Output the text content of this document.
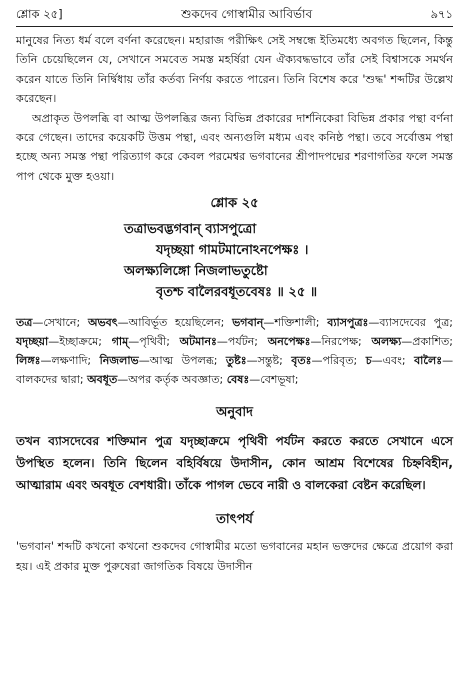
শ্লোক ২৫]	শুকদেব গোস্বামীর আবির্ভাব	৯৭১

মানুষের নিত্য ধর্ম বলে বর্ণনা করেছেন। মহারাজ পরীক্ষিৎ সেই সম্বন্ধে ইতিমধ্যে অবগত ছিলেন, কিন্তু তিনি চেয়েছিলেন যে, সেখানে সমবেত সমস্ত মহর্ষিরা যেন ঐক্যবদ্ধভাবে তাঁর সেই বিশ্বাসকে সমর্থন করেন যাতে তিনি নির্দ্বিধায় তাঁর কর্তব্য নির্ণয় করতে পারেন। তিনি বিশেষ করে 'শুদ্ধ' শব্দটির উল্লেখ করেছেন।

অপ্রাকৃত উপলব্ধি বা আত্ম উপলব্ধির জন্য বিভিন্ন প্রকারের দার্শনিকেরা বিভিন্ন প্রকার পন্থা বর্ণনা করে গেছেন। তাদের কয়েকটি উত্তম পন্থা, এবং অন্যগুলি মধ্যম এবং কনিষ্ঠ পন্থা। তবে সর্বোত্তম পন্থা হচ্ছে অন্য সমস্ত পন্থা পরিত্যাগ করে কেবল পরমেশ্বর ভগবানের শ্রীপাদপদ্মের শরণাগতির ফলে সমস্ত পাপ থেকে মুক্ত হওয়া।

শ্লোক ২৫

তত্রাভবদ্ভগবান্ ব্যাসপুত্রো

যদৃচ্ছয়া গামটমানোঽনপেক্ষঃ ।

অলক্ষ্যলিঙ্গো নিজলাভতুষ্টো

বৃতশ্চ বালৈরবধূতবেষঃ ॥ ২৫ ॥

তত্র—সেখানে; অভবৎ—আবির্ভূত হয়েছিলেন; ভগবান্—শক্তিশালী; ব্যাসপুত্রঃ—ব্যাসদেবের পুত্র; যদৃচ্ছয়া—ইচ্ছাক্রমে; গাম্—পৃথিবী; অটমানঃ—পর্যটন; অনপেক্ষঃ—নিরপেক্ষ; অলক্ষ্য—প্রকাশিত; লিঙ্গঃ—লক্ষণাদি; নিজলাভ—আত্ম উপলব্ধ; তুষ্টঃ—সন্তুষ্ট; বৃতঃ—পরিবৃত; চ—এবং; বালৈঃ—বালকদের দ্বারা; অবধূত—অপর কর্তৃক অবজ্ঞাত; বেষঃ—বেশভূষা;

অনুবাদ

তখন ব্যাসদেবের শক্তিমান পুত্র যদৃচ্ছাক্রমে পৃথিবী পর্যটন করতে করতে সেখানে এসে উপস্থিত হলেন। তিনি ছিলেন বহির্বিষয়ে উদাসীন, কোন আশ্রম বিশেষের চিহ্নবিহীন, আত্মারাম এবং অবধূত বেশধারী। তাঁকে পাগল ভেবে নারী ও বালকেরা বেষ্টন করেছিল।

তাৎপর্য

'ভগবান' শব্দটি কখনো কখনো শুকদেব গোস্বামীর মতো ভগবানের মহান ভক্তদের ক্ষেত্রে প্রয়োগ করা হয়। এই প্রকার মুক্ত পুরুষেরা জাগতিক বিষয়ে উদাসীন
